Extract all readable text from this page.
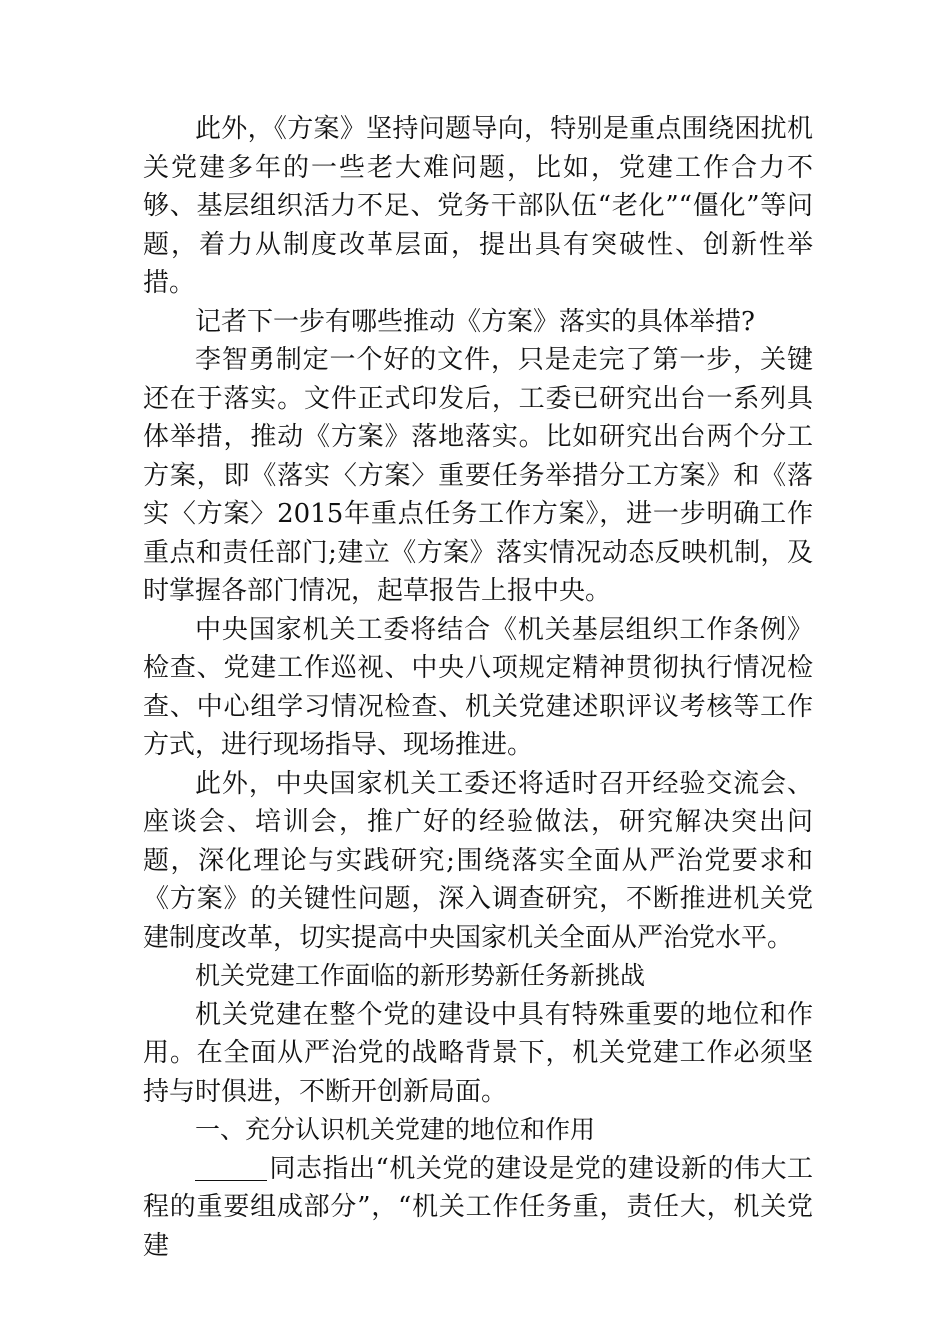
此外，《方案》坚持问题导向，特别是重点围绕困扰机关党建多年的一些老大难问题，比如，党建工作合力不够、基层组织活力不足、党务干部队伍“老化”“僵化”等问题，着力从制度改革层面，提出具有突破性、创新性举措。

记者下一步有哪些推动《方案》落实的具体举措?

李智勇制定一个好的文件，只是走完了第一步，关键还在于落实。文件正式印发后，工委已研究出台一系列具体举措，推动《方案》落地落实。比如研究出台两个分工方案，即《落实〈方案〉重要任务举措分工方案》和《落实〈方案〉2015年重点任务工作方案》，进一步明确工作重点和责任部门;建立《方案》落实情况动态反映机制，及时掌握各部门情况，起草报告上报中央。

中央国家机关工委将结合《机关基层组织工作条例》检查、党建工作巡视、中央八项规定精神贯彻执行情况检查、中心组学习情况检查、机关党建述职评议考核等工作方式，进行现场指导、现场推进。

此外，中央国家机关工委还将适时召开经验交流会、座谈会、培训会，推广好的经验做法，研究解决突出问题，深化理论与实践研究;围绕落实全面从严治党要求和《方案》的关键性问题，深入调查研究，不断推进机关党建制度改革，切实提高中央国家机关全面从严治党水平。

机关党建工作面临的新形势新任务新挑战

机关党建在整个党的建设中具有特殊重要的地位和作用。在全面从严治党的战略背景下，机关党建工作必须坚持与时俱进，不断开创新局面。

一、充分认识机关党建的地位和作用

同志指出“机关党的建设是党的建设新的伟大工程的重要组成部分”，“机关工作任务重，责任大，机关党建
